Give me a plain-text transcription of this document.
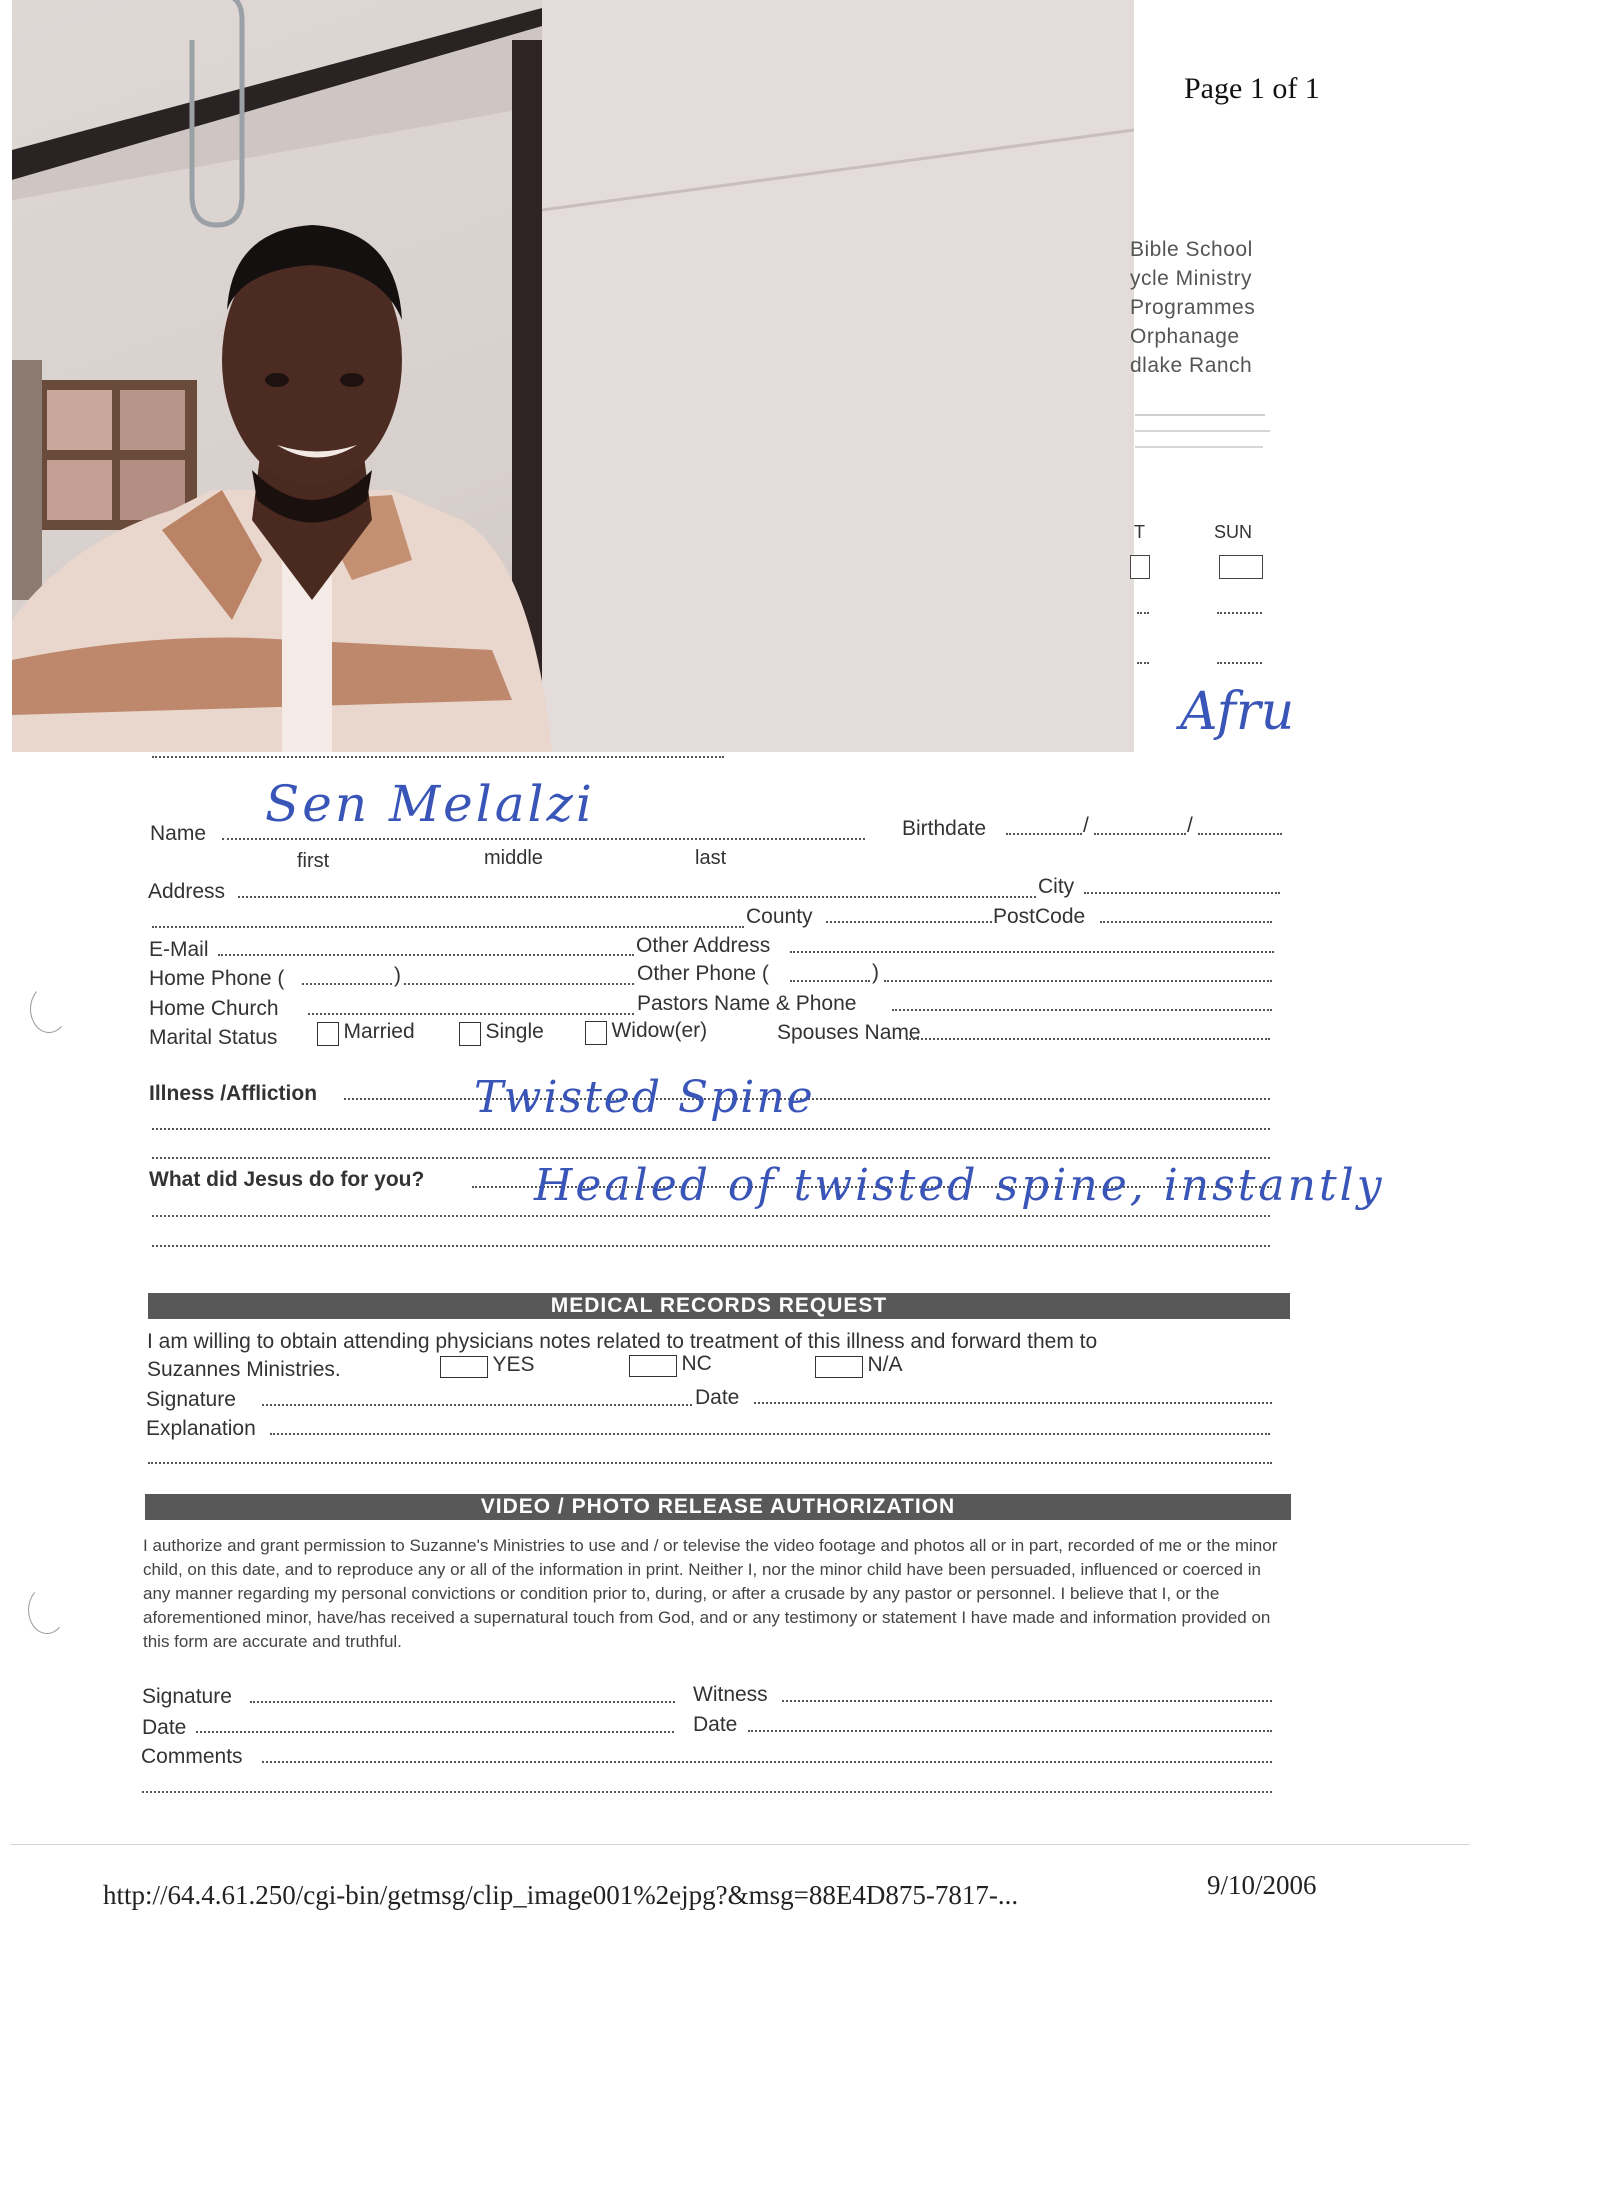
Page 1 of 1
Bible School
ycle Ministry
Programmes
Orphanage
dlake Ranch
T	SUN
Afru
Name
Sen Melalzi	Birthdate	/	/
first	middle	last
Address	City
County	PostCode
E-Mail	Other Address
Home Phone (	)	Other Phone (	)
Home Church	Pastors Name & Phone
Marital Status	Married	Single	Widow(er)	Spouses Name
Illness /Affliction	Twisted Spine
What did Jesus do for you? Healed of twisted spine, instantly
MEDICAL RECORDS REQUEST
I am willing to obtain attending physicians notes related to treatment of this illness and forward them to
Suzannes Ministries.	YES	NC	N/A
Signature	Date
Explanation
VIDEO / PHOTO RELEASE AUTHORIZATION
I authorize and grant permission to Suzanne's Ministries to use and / or televise the video footage and photos all or in part, recorded of me or the minor child, on this date, and to reproduce any or all of the information in print. Neither I, nor the minor child have been persuaded, influenced or coerced in any manner regarding my personal convictions or condition prior to, during, or after a crusade by any pastor or personnel. I believe that I, or the aforementioned minor, have/has received a supernatural touch from God, and or any testimony or statement I have made and information provided on this form are accurate and truthful.
Signature	Witness
Date	Date
Comments
http://64.4.61.250/cgi-bin/getmsg/clip_image001%2ejpg?&msg=88E4D875-7817-...	9/10/2006
